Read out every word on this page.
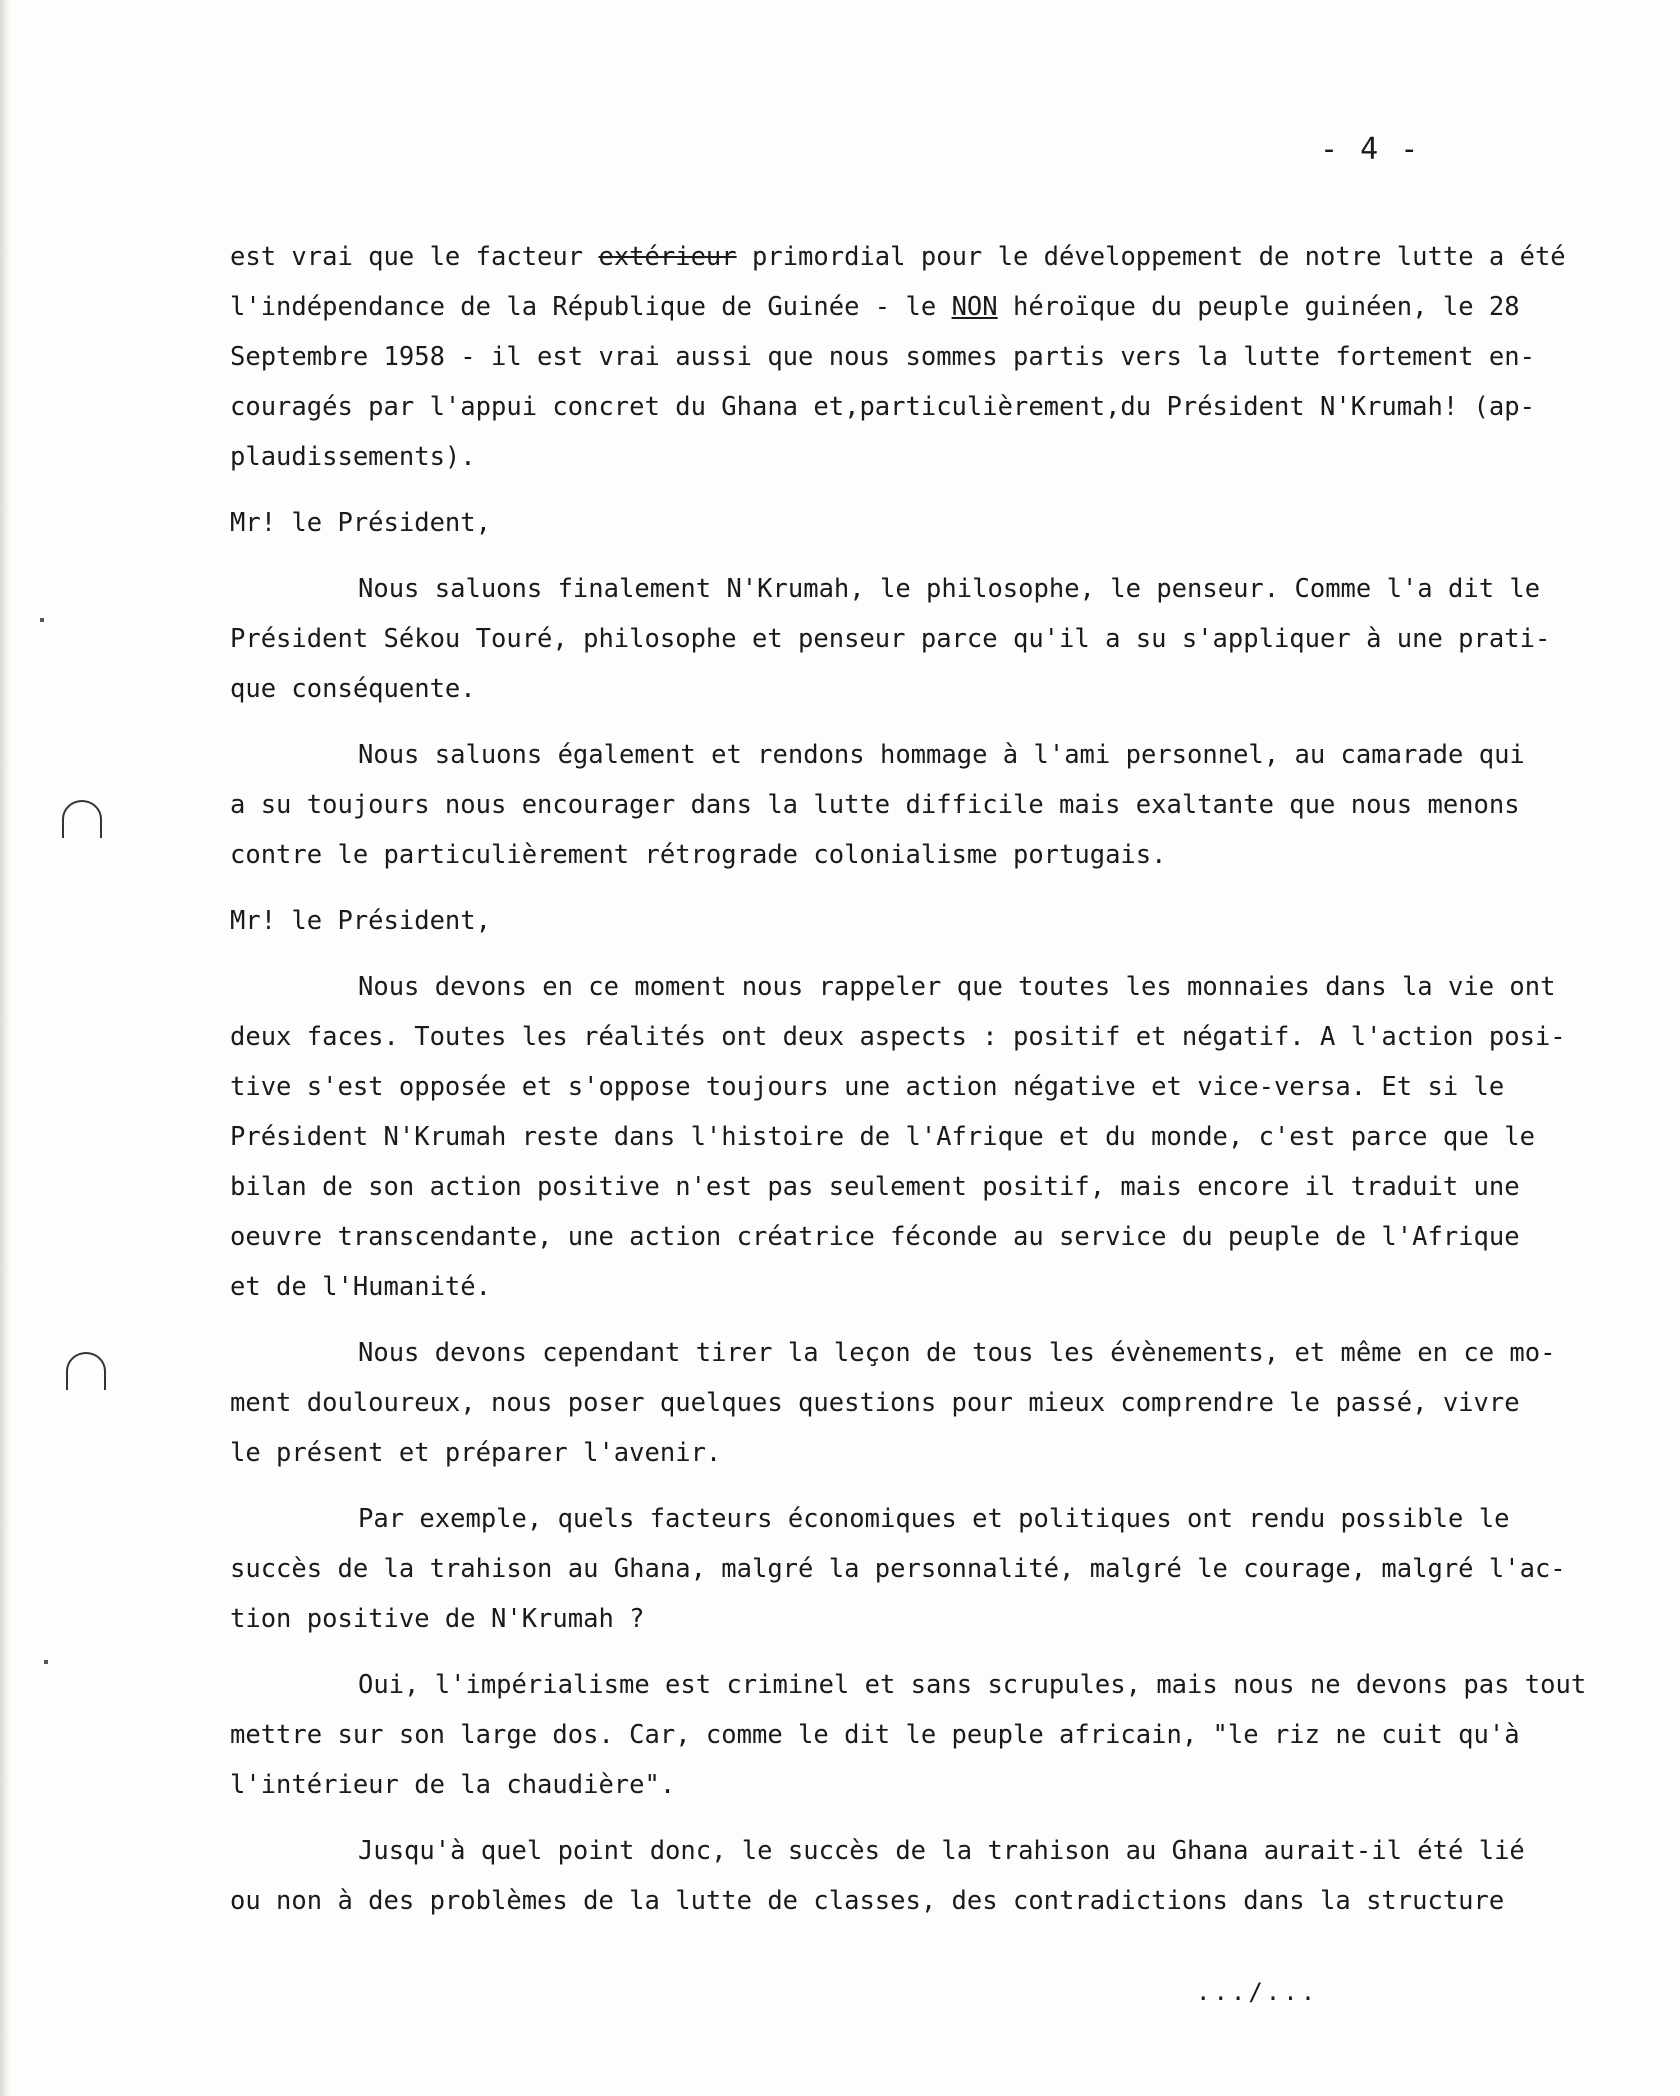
- 4 -
est vrai que le facteur extérieur primordial pour le développement de notre lutte a été
l'indépendance de la République de Guinée - le NON héroïque du peuple guinéen, le 28
Septembre 1958 - il est vrai aussi que nous sommes partis vers la lutte fortement en-
couragés par l'appui concret du Ghana et,particulièrement,du Président N'Krumah! (ap-
plaudissements).
Mr! le Président,
Nous saluons finalement N'Krumah, le philosophe, le penseur. Comme l'a dit le
Président Sékou Touré, philosophe et penseur parce qu'il a su s'appliquer à une prati-
que conséquente.
Nous saluons également et rendons hommage à l'ami personnel, au camarade qui
a su toujours nous encourager dans la lutte difficile mais exaltante que nous menons
contre le particulièrement rétrograde colonialisme portugais.
Mr! le Président,
Nous devons en ce moment nous rappeler que toutes les monnaies dans la vie ont
deux faces. Toutes les réalités ont deux aspects : positif et négatif. A l'action posi-
tive s'est opposée et s'oppose toujours une action négative et vice-versa. Et si le
Président N'Krumah reste dans l'histoire de l'Afrique et du monde, c'est parce que le
bilan de son action positive n'est pas seulement positif, mais encore il traduit une
oeuvre transcendante, une action créatrice féconde au service du peuple de l'Afrique
et de l'Humanité.
Nous devons cependant tirer la leçon de tous les évènements, et même en ce mo-
ment douloureux, nous poser quelques questions pour mieux comprendre le passé, vivre
le présent et préparer l'avenir.
Par exemple, quels facteurs économiques et politiques ont rendu possible le
succès de la trahison au Ghana, malgré la personnalité, malgré le courage, malgré l'ac-
tion positive de N'Krumah ?
Oui, l'impérialisme est criminel et sans scrupules, mais nous ne devons pas tout
mettre sur son large dos. Car, comme le dit le peuple africain, "le riz ne cuit qu'à
l'intérieur de la chaudière".
Jusqu'à quel point donc, le succès de la trahison au Ghana aurait-il été lié
ou non à des problèmes de la lutte de classes, des contradictions dans la structure
.../...
